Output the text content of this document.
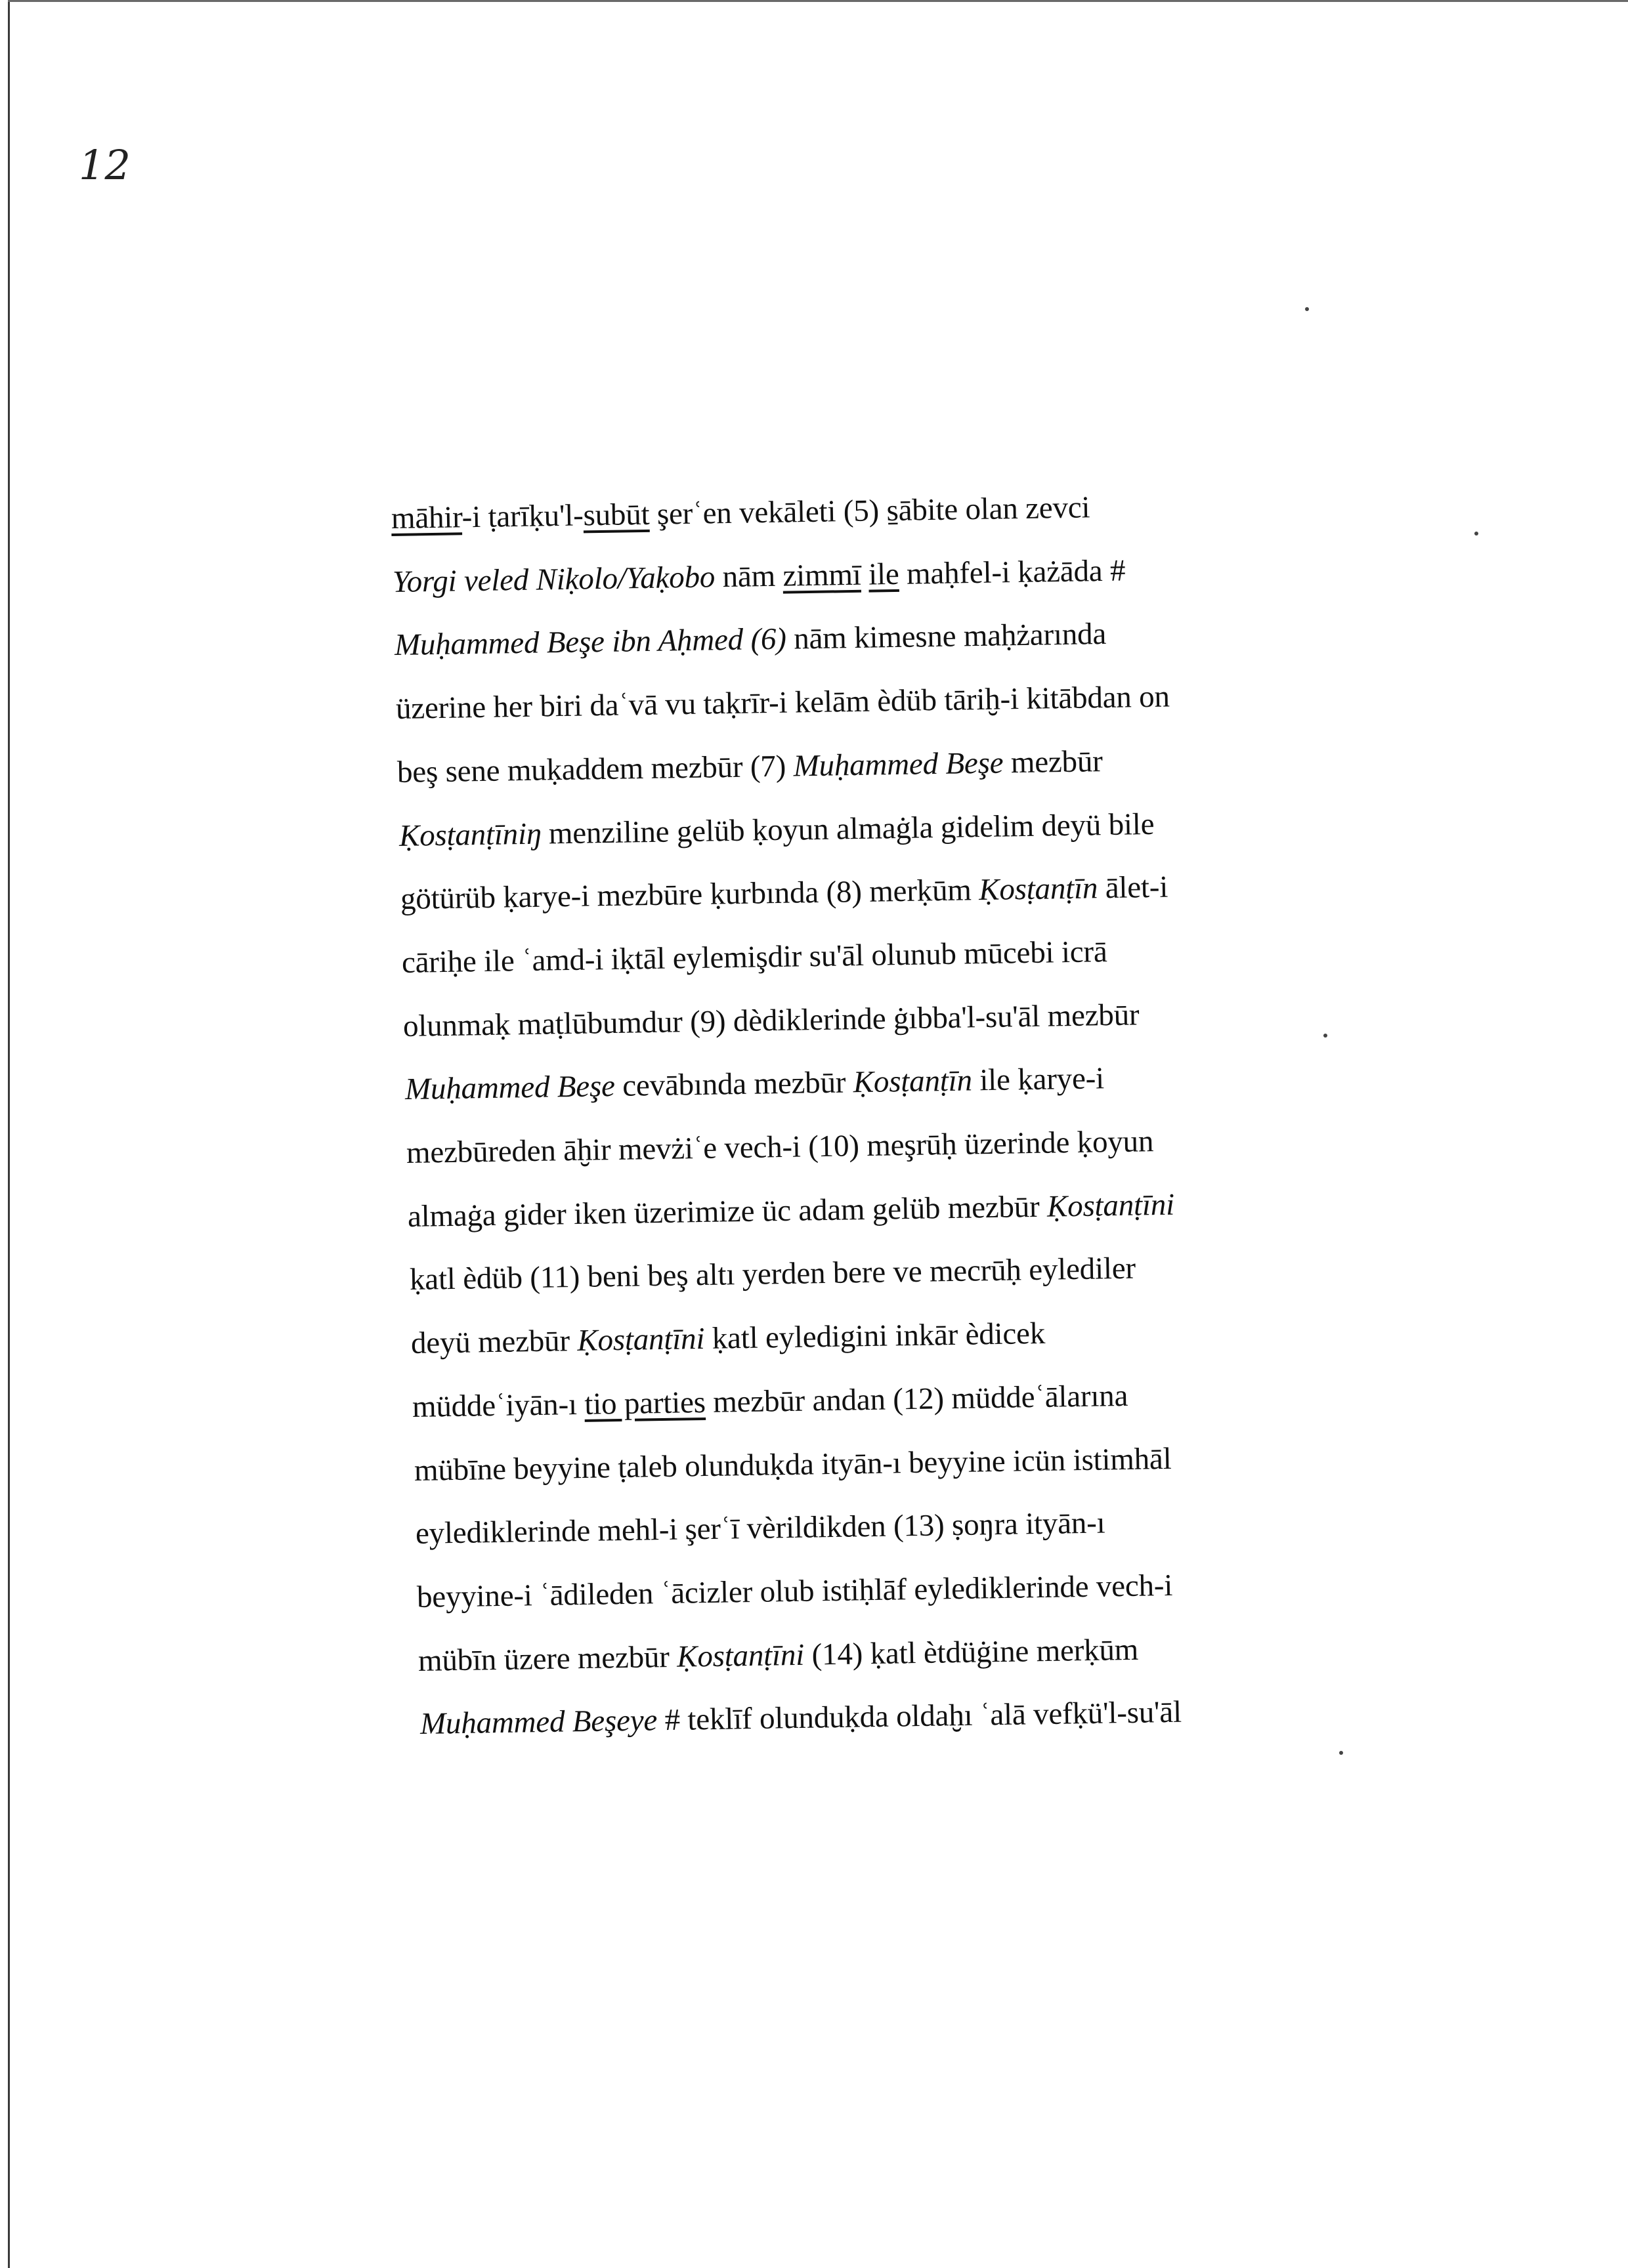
12
māhir-i ṭarīḳu'l-subūt şerʿen vekāleti (5) s̱ābite olan zevci
Yorgi veled Niḳolo/Yaḳobo nām zimmī ile maḥfel-i ḳażāda #
Muḥammed Beşe ibn Aḥmed (6) nām kimesne maḥżarında
üzerine her biri daʿvā vu taḳrīr-i kelām èdüb tāriḫ-i kitābdan on
beş sene muḳaddem mezbūr (7) Muḥammed Beşe mezbūr
Ḳosṭanṭīniŋ menziline gelüb ḳoyun almaġla gidelim deyü bile
götürüb ḳarye-i mezbūre ḳurbında (8) merḳūm Ḳosṭanṭīn ālet-i
cāriḥe ile ʿamd-i iḳtāl eylemişdir su'āl olunub mūcebi icrā
olunmaḳ maṭlūbumdur (9) dèdiklerinde ġıbba'l-su'āl mezbūr
Muḥammed Beşe cevābında mezbūr Ḳosṭanṭīn ile ḳarye-i
mezbūreden āḫir mevżiʿe vech-i (10) meşrūḥ üzerinde ḳoyun
almaġa gider iken üzerimize üc adam gelüb mezbūr Ḳosṭanṭīni
ḳatl èdüb (11) beni beş altı yerden bere ve mecrūḥ eylediler
deyü mezbūr Ḳosṭanṭīni ḳatl eyledigini inkār èdicek
müddeʿiyān-ı tio parties mezbūr andan (12) müddeʿālarına
mübīne beyyine ṭaleb olunduḳda ityān-ı beyyine icün istimhāl
eylediklerinde mehl-i şerʿī vèrildikden (13) ṣoŋra ityān-ı
beyyine-i ʿādileden ʿācizler olub istiḥlāf eylediklerinde vech-i
mübīn üzere mezbūr Ḳosṭanṭīni (14) ḳatl ètdüġine merḳūm
Muḥammed Beşeye # teklīf olunduḳda oldaḫı ʿalā vefḳü'l-su'āl
